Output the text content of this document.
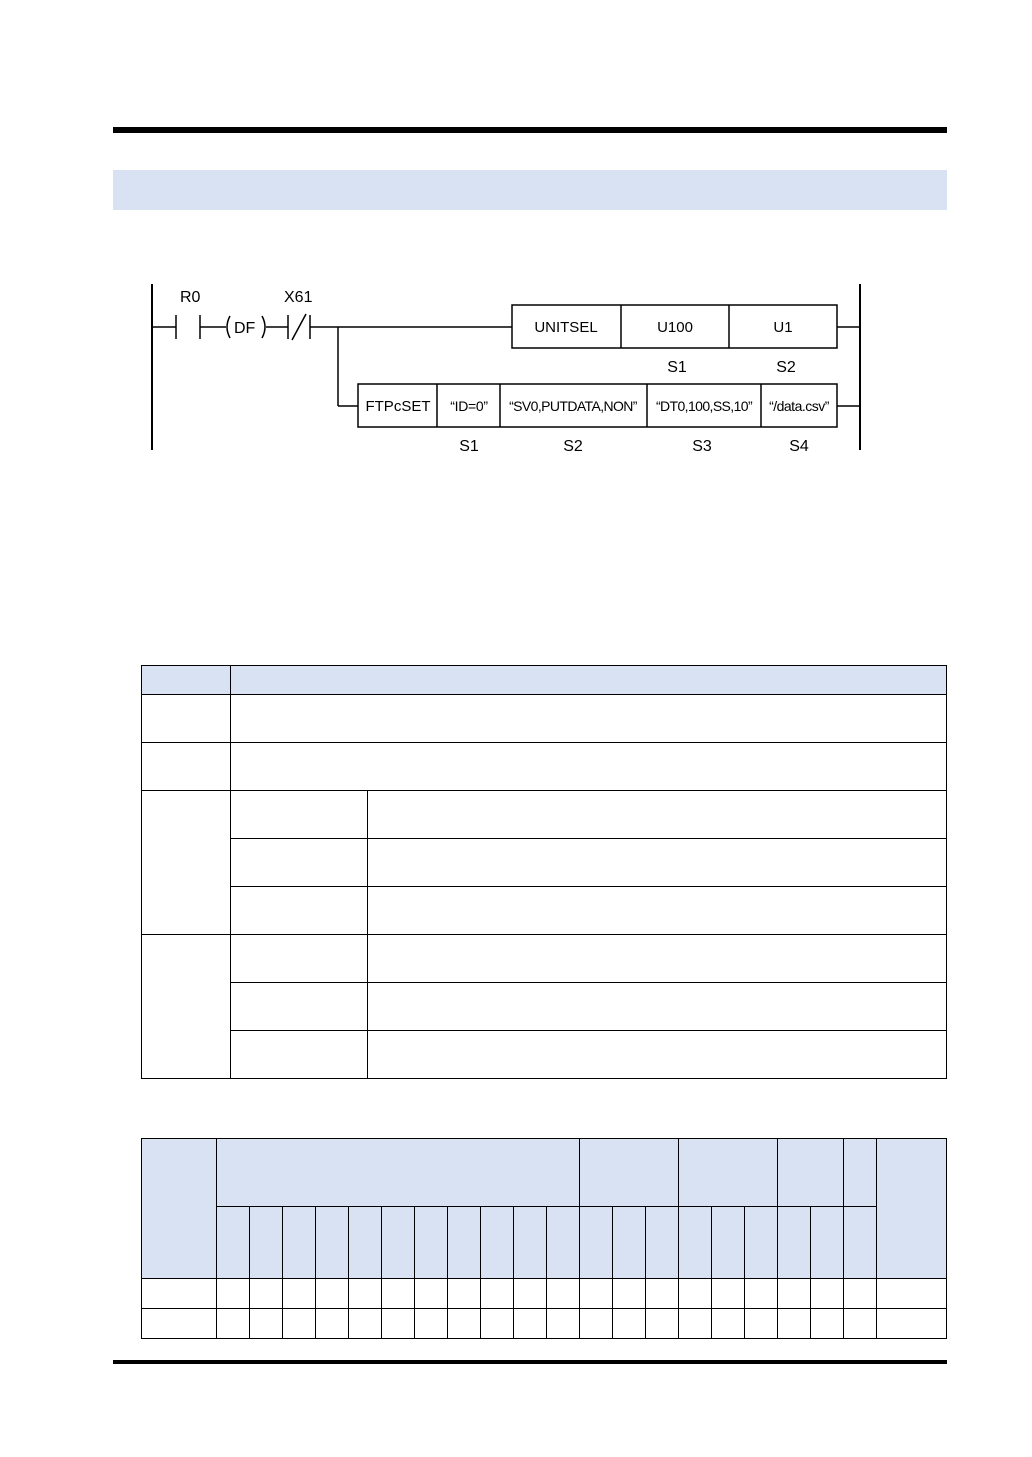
R0
DF
X61
UNITSEL	U100	U1
S1	S2
FTPcSET “ID=0” “SV0,PUTDATA,NON” “DT0,100,SS,10” “/data.csv”
S1	S2	S3	S4
